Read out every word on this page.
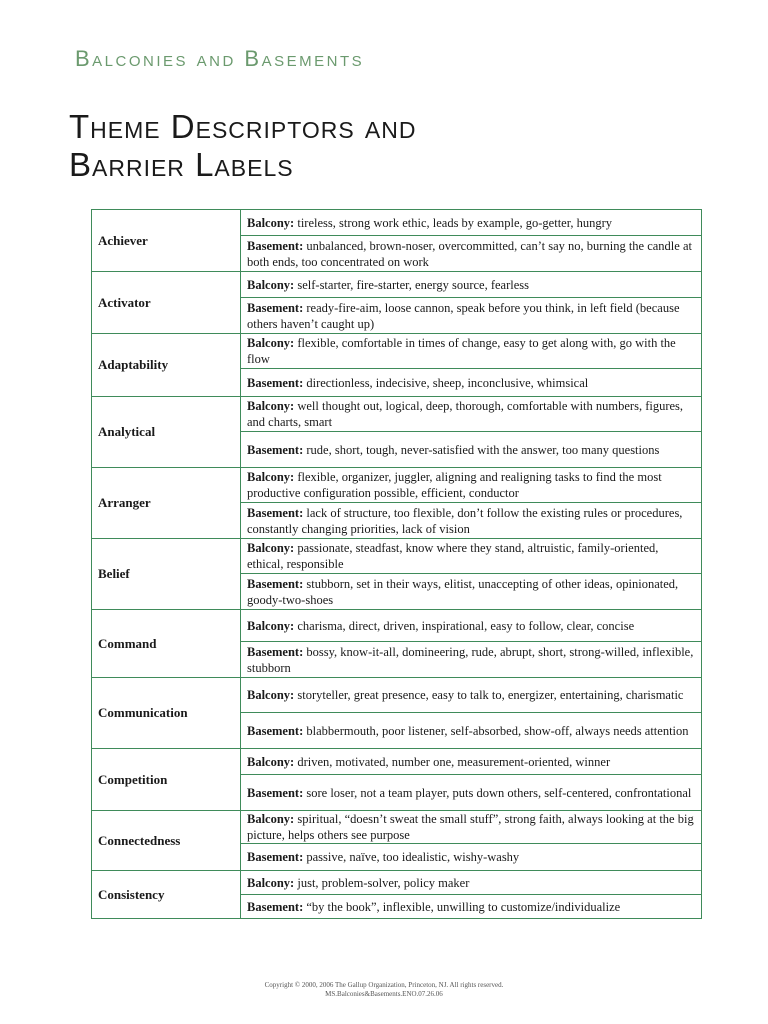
Balconies and Basements
Theme Descriptors and
Barrier Labels
Achiever	Balcony: tireless, strong work ethic, leads by example, go-getter, hungry
	Basement: unbalanced, brown-noser, overcommitted, can’t say no, burning the candle at both ends, too concentrated on work
Activator	Balcony: self-starter, fire-starter, energy source, fearless
	Basement: ready-fire-aim, loose cannon, speak before you think, in left field (because others haven’t caught up)
Adaptability	Balcony: flexible, comfortable in times of change, easy to get along with, go with the flow
	Basement: directionless, indecisive, sheep, inconclusive, whimsical
Analytical	Balcony: well thought out, logical, deep, thorough, comfortable with numbers, figures, and charts, smart
	Basement: rude, short, tough, never-satisfied with the answer, too many questions
Arranger	Balcony: flexible, organizer, juggler, aligning and realigning tasks to find the most productive configuration possible, efficient, conductor
	Basement: lack of structure, too flexible, don’t follow the existing rules or procedures, constantly changing priorities, lack of vision
Belief	Balcony: passionate, steadfast, know where they stand, altruistic, family-oriented, ethical, responsible
	Basement: stubborn, set in their ways, elitist, unaccepting of other ideas, opinionated, goody-two-shoes
Command	Balcony: charisma, direct, driven, inspirational, easy to follow, clear, concise
	Basement: bossy, know-it-all, domineering, rude, abrupt, short, strong-willed, inflexible, stubborn
Communication	Balcony: storyteller, great presence, easy to talk to, energizer, entertaining, charismatic
	Basement: blabbermouth, poor listener, self-absorbed, show-off, always needs attention
Competition	Balcony: driven, motivated, number one, measurement-oriented, winner
	Basement: sore loser, not a team player, puts down others, self-centered, confrontational
Connectedness	Balcony: spiritual, “doesn’t sweat the small stuff”, strong faith, always looking at the big picture, helps others see purpose
	Basement: passive, naïve, too idealistic, wishy-washy
Consistency	Balcony: just, problem-solver, policy maker
	Basement: “by the book”, inflexible, unwilling to customize/individualize
Copyright © 2000, 2006 The Gallup Organization, Princeton, NJ. All rights reserved.
MS.Balconies&Basements.ENO.07.26.06
